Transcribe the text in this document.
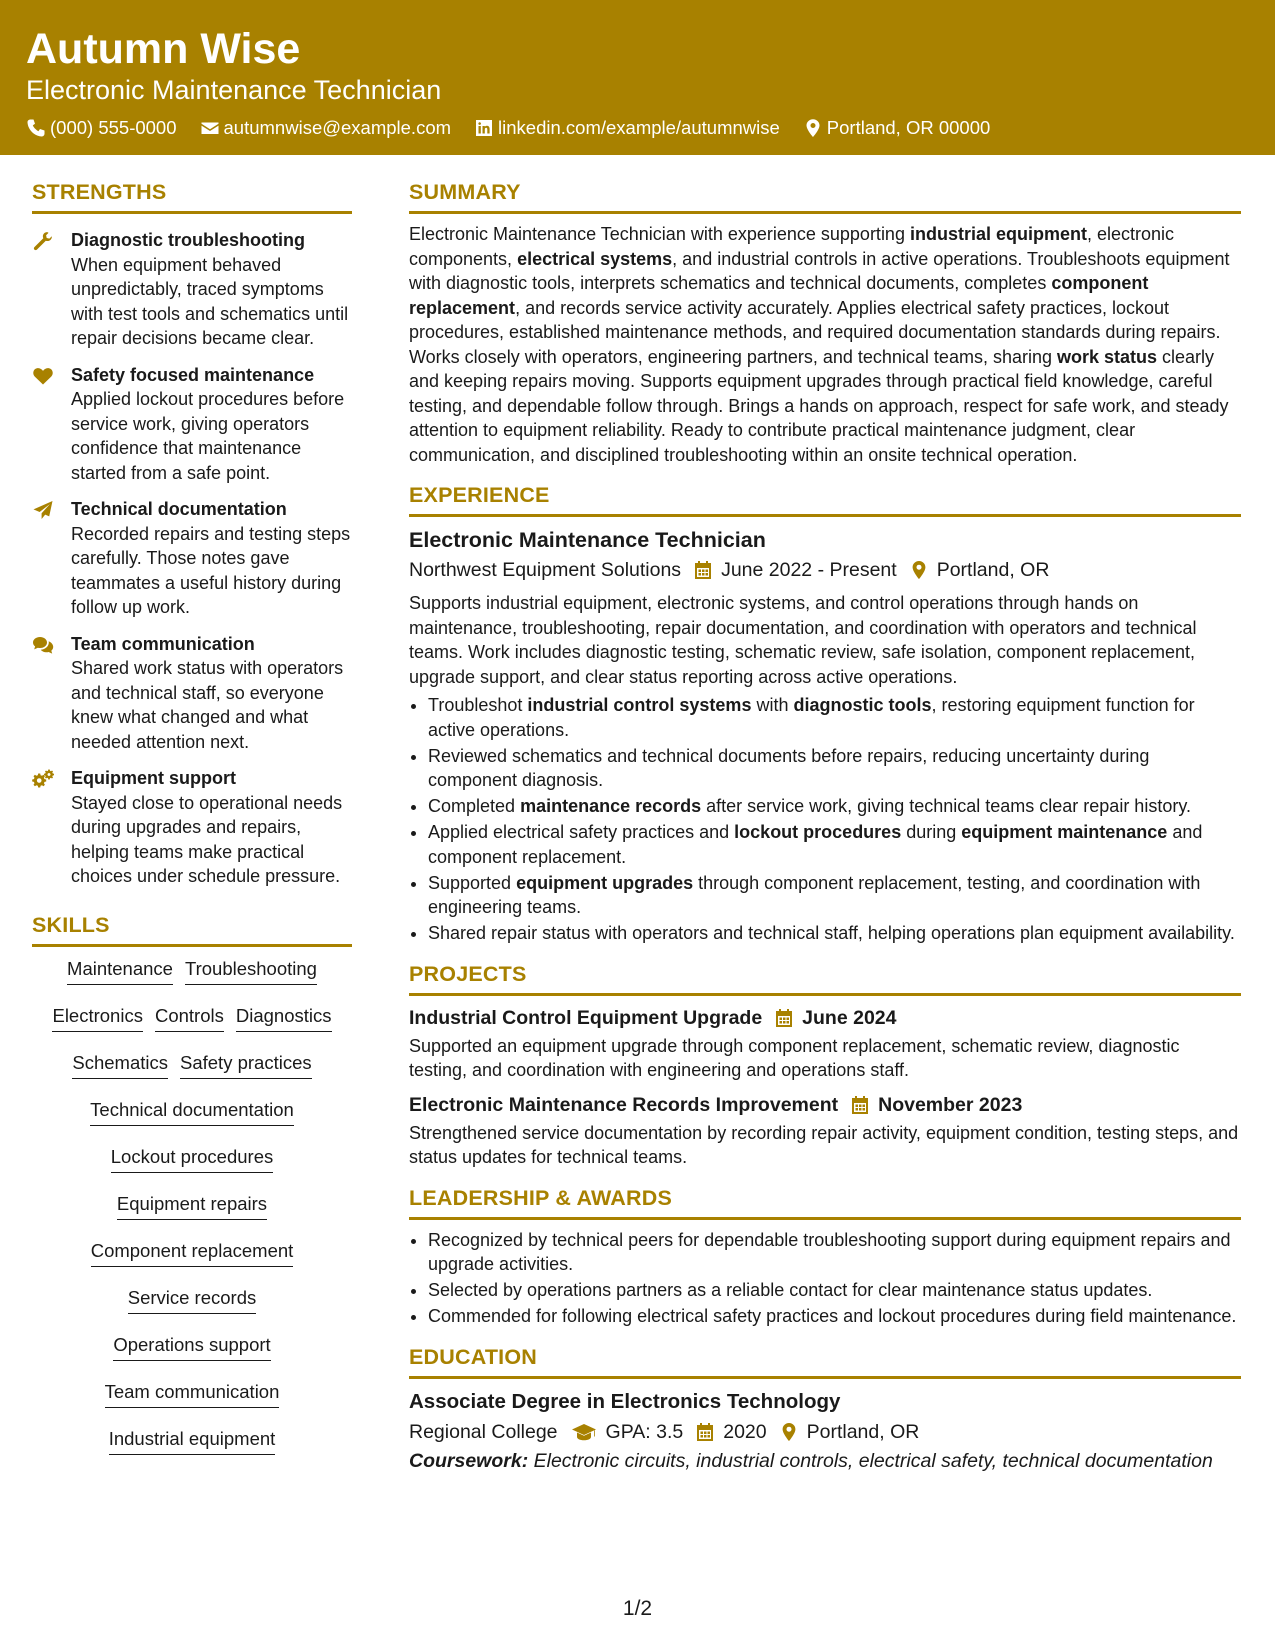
Autumn Wise
Electronic Maintenance Technician
(000) 555-0000	autumnwise@example.com	linkedin.com/example/autumnwise	Portland, OR 00000
STRENGTHS
Diagnostic troubleshooting
When equipment behaved unpredictably, traced symptoms with test tools and schematics until repair decisions became clear.
Safety focused maintenance
Applied lockout procedures before service work, giving operators confidence that maintenance started from a safe point.
Technical documentation
Recorded repairs and testing steps carefully. Those notes gave teammates a useful history during follow up work.
Team communication
Shared work status with operators and technical staff, so everyone knew what changed and what needed attention next.
Equipment support
Stayed close to operational needs during upgrades and repairs, helping teams make practical choices under schedule pressure.
SKILLS
Maintenance Troubleshooting
Electronics Controls Diagnostics
Schematics Safety practices
Technical documentation
Lockout procedures
Equipment repairs
Component replacement
Service records
Operations support
Team communication
Industrial equipment
SUMMARY

Electronic Maintenance Technician with experience supporting industrial equipment, electronic components, electrical systems, and industrial controls in active operations. Troubleshoots equipment with diagnostic tools, interprets schematics and technical documents, completes component replacement, and records service activity accurately. Applies electrical safety practices, lockout procedures, established maintenance methods, and required documentation standards during repairs. Works closely with operators, engineering partners, and technical teams, sharing work status clearly and keeping repairs moving. Supports equipment upgrades through practical field knowledge, careful testing, and dependable follow through. Brings a hands on approach, respect for safe work, and steady attention to equipment reliability. Ready to contribute practical maintenance judgment, clear communication, and disciplined troubleshooting within an onsite technical operation.

EXPERIENCE
Electronic Maintenance Technician
Northwest Equipment Solutions June 2022 - Present Portland, OR

Supports industrial equipment, electronic systems, and control operations through hands on maintenance, troubleshooting, repair documentation, and coordination with operators and technical teams. Work includes diagnostic testing, schematic review, safe isolation, component replacement, upgrade support, and clear status reporting across active operations.

• Troubleshot industrial control systems with diagnostic tools, restoring equipment function for active operations.
• Reviewed schematics and technical documents before repairs, reducing uncertainty during component diagnosis.
• Completed maintenance records after service work, giving technical teams clear repair history.
• Applied electrical safety practices and lockout procedures during equipment maintenance and component replacement.
• Supported equipment upgrades through component replacement, testing, and coordination with engineering teams.
• Shared repair status with operators and technical staff, helping operations plan equipment availability.
PROJECTS
Industrial Control Equipment Upgrade June 2024

Supported an equipment upgrade through component replacement, schematic review, diagnostic testing, and coordination with engineering and operations staff.

Electronic Maintenance Records Improvement November 2023

Strengthened service documentation by recording repair activity, equipment condition, testing steps, and status updates for technical teams.

LEADERSHIP & AWARDS
• Recognized by technical peers for dependable troubleshooting support during equipment repairs and upgrade activities.
• Selected by operations partners as a reliable contact for clear maintenance status updates.
• Commended for following electrical safety practices and lockout procedures during field maintenance.
EDUCATION
Associate Degree in Electronics Technology
Regional College GPA: 3.5 2020 Portland, OR
Coursework: Electronic circuits, industrial controls, electrical safety, technical documentation
1/2
